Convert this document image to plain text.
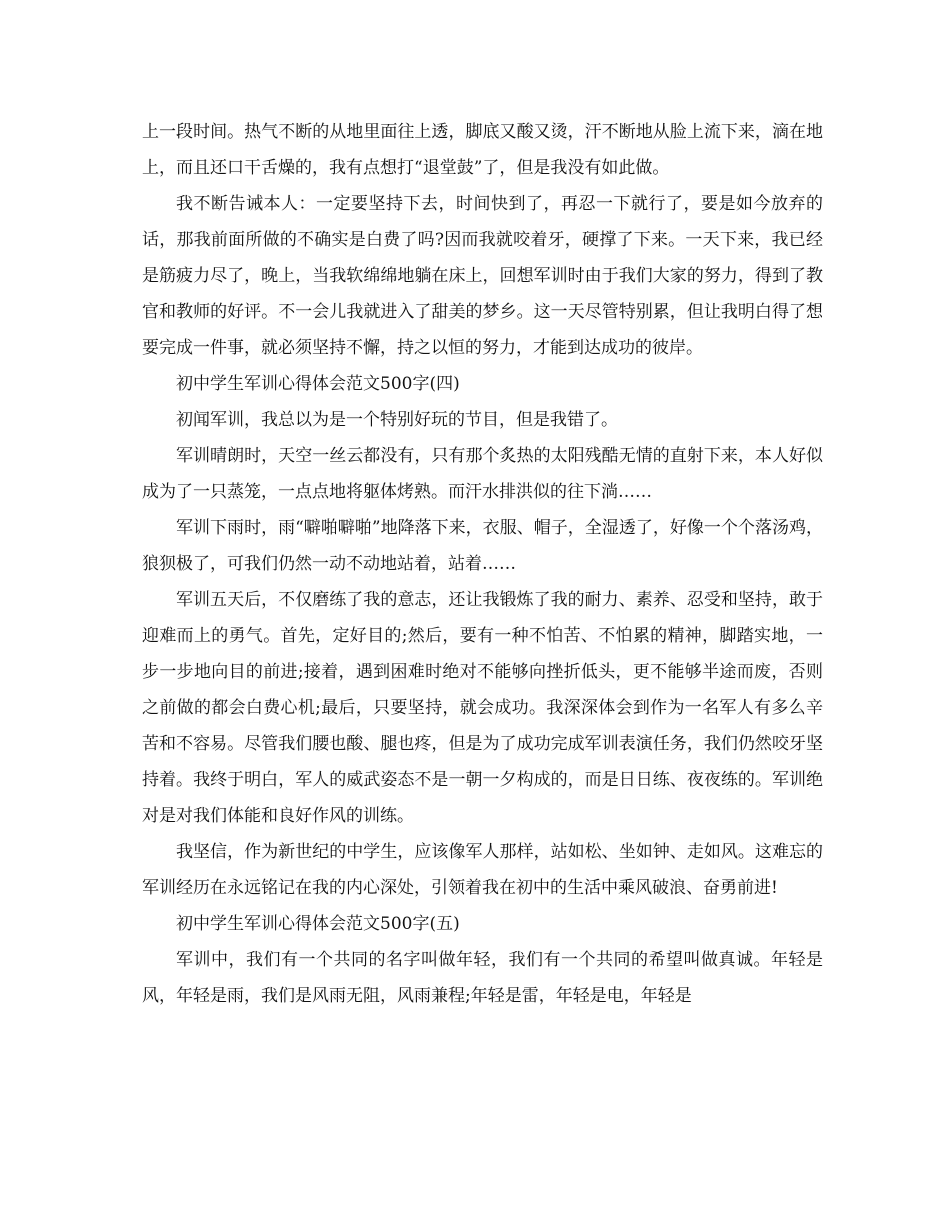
上一段时间。热气不断的从地里面往上透，脚底又酸又烫，汗不断地从脸上流下来，滴在地上，而且还口干舌燥的，我有点想打“退堂鼓”了，但是我没有如此做。

我不断告诫本人：一定要坚持下去，时间快到了，再忍一下就行了，要是如今放弃的话，那我前面所做的不确实是白费了吗?因而我就咬着牙，硬撑了下来。一天下来，我已经是筋疲力尽了，晚上，当我软绵绵地躺在床上，回想军训时由于我们大家的努力，得到了教官和教师的好评。不一会儿我就进入了甜美的梦乡。这一天尽管特别累，但让我明白得了想要完成一件事，就必须坚持不懈，持之以恒的努力，才能到达成功的彼岸。

初中学生军训心得体会范文500字(四)

初闻军训，我总以为是一个特别好玩的节目，但是我错了。

军训晴朗时，天空一丝云都没有，只有那个炙热的太阳残酷无情的直射下来，本人好似成为了一只蒸笼，一点点地将躯体烤熟。而汗水排洪似的往下淌……

军训下雨时，雨“噼啪噼啪”地降落下来，衣服、帽子，全湿透了，好像一个个落汤鸡，狼狈极了，可我们仍然一动不动地站着，站着……

军训五天后，不仅磨练了我的意志，还让我锻炼了我的耐力、素养、忍受和坚持，敢于迎难而上的勇气。首先，定好目的;然后，要有一种不怕苦、不怕累的精神，脚踏实地，一步一步地向目的前进;接着，遇到困难时绝对不能够向挫折低头，更不能够半途而废，否则之前做的都会白费心机;最后，只要坚持，就会成功。我深深体会到作为一名军人有多么辛苦和不容易。尽管我们腰也酸、腿也疼，但是为了成功完成军训表演任务，我们仍然咬牙坚持着。我终于明白，军人的威武姿态不是一朝一夕构成的，而是日日练、夜夜练的。军训绝对是对我们体能和良好作风的训练。

我坚信，作为新世纪的中学生，应该像军人那样，站如松、坐如钟、走如风。这难忘的军训经历在永远铭记在我的内心深处，引领着我在初中的生活中乘风破浪、奋勇前进!

初中学生军训心得体会范文500字(五)

军训中，我们有一个共同的名字叫做年轻，我们有一个共同的希望叫做真诚。年轻是风，年轻是雨，我们是风雨无阻，风雨兼程;年轻是雷，年轻是电，年轻是
